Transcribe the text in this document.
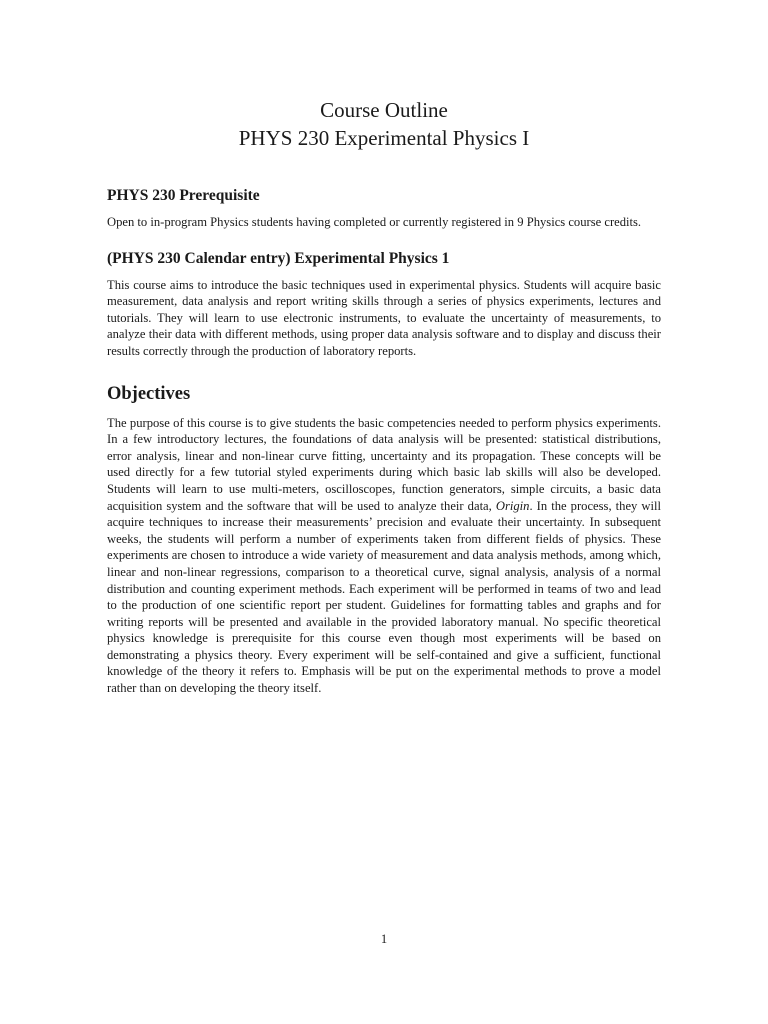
Course Outline

PHYS 230 Experimental Physics I

PHYS 230 Prerequisite

Open to in-program Physics students having completed or currently registered in 9 Physics course credits.

(PHYS 230 Calendar entry) Experimental Physics 1

This course aims to introduce the basic techniques used in experimental physics. Students will acquire basic measurement, data analysis and report writing skills through a series of physics experiments, lectures and tutorials. They will learn to use electronic instruments, to evaluate the uncertainty of measurements, to analyze their data with different methods, using proper data analysis software and to display and discuss their results correctly through the production of laboratory reports.

Objectives

The purpose of this course is to give students the basic competencies needed to perform physics experiments. In a few introductory lectures, the foundations of data analysis will be presented: statistical distributions, error analysis, linear and non-linear curve fitting, uncertainty and its propagation. These concepts will be used directly for a few tutorial styled experiments during which basic lab skills will also be developed. Students will learn to use multi-meters, oscilloscopes, function generators, simple circuits, a basic data acquisition system and the software that will be used to analyze their data, Origin. In the process, they will acquire techniques to increase their measurements’ precision and evaluate their uncertainty. In subsequent weeks, the students will perform a number of experiments taken from different fields of physics. These experiments are chosen to introduce a wide variety of measurement and data analysis methods, among which, linear and non-linear regressions, comparison to a theoretical curve, signal analysis, analysis of a normal distribution and counting experiment methods. Each experiment will be performed in teams of two and lead to the production of one scientific report per student. Guidelines for formatting tables and graphs and for writing reports will be presented and available in the provided laboratory manual. No specific theoretical physics knowledge is prerequisite for this course even though most experiments will be based on demonstrating a physics theory. Every experiment will be self-contained and give a sufficient, functional knowledge of the theory it refers to. Emphasis will be put on the experimental methods to prove a model rather than on developing the theory itself.

1
